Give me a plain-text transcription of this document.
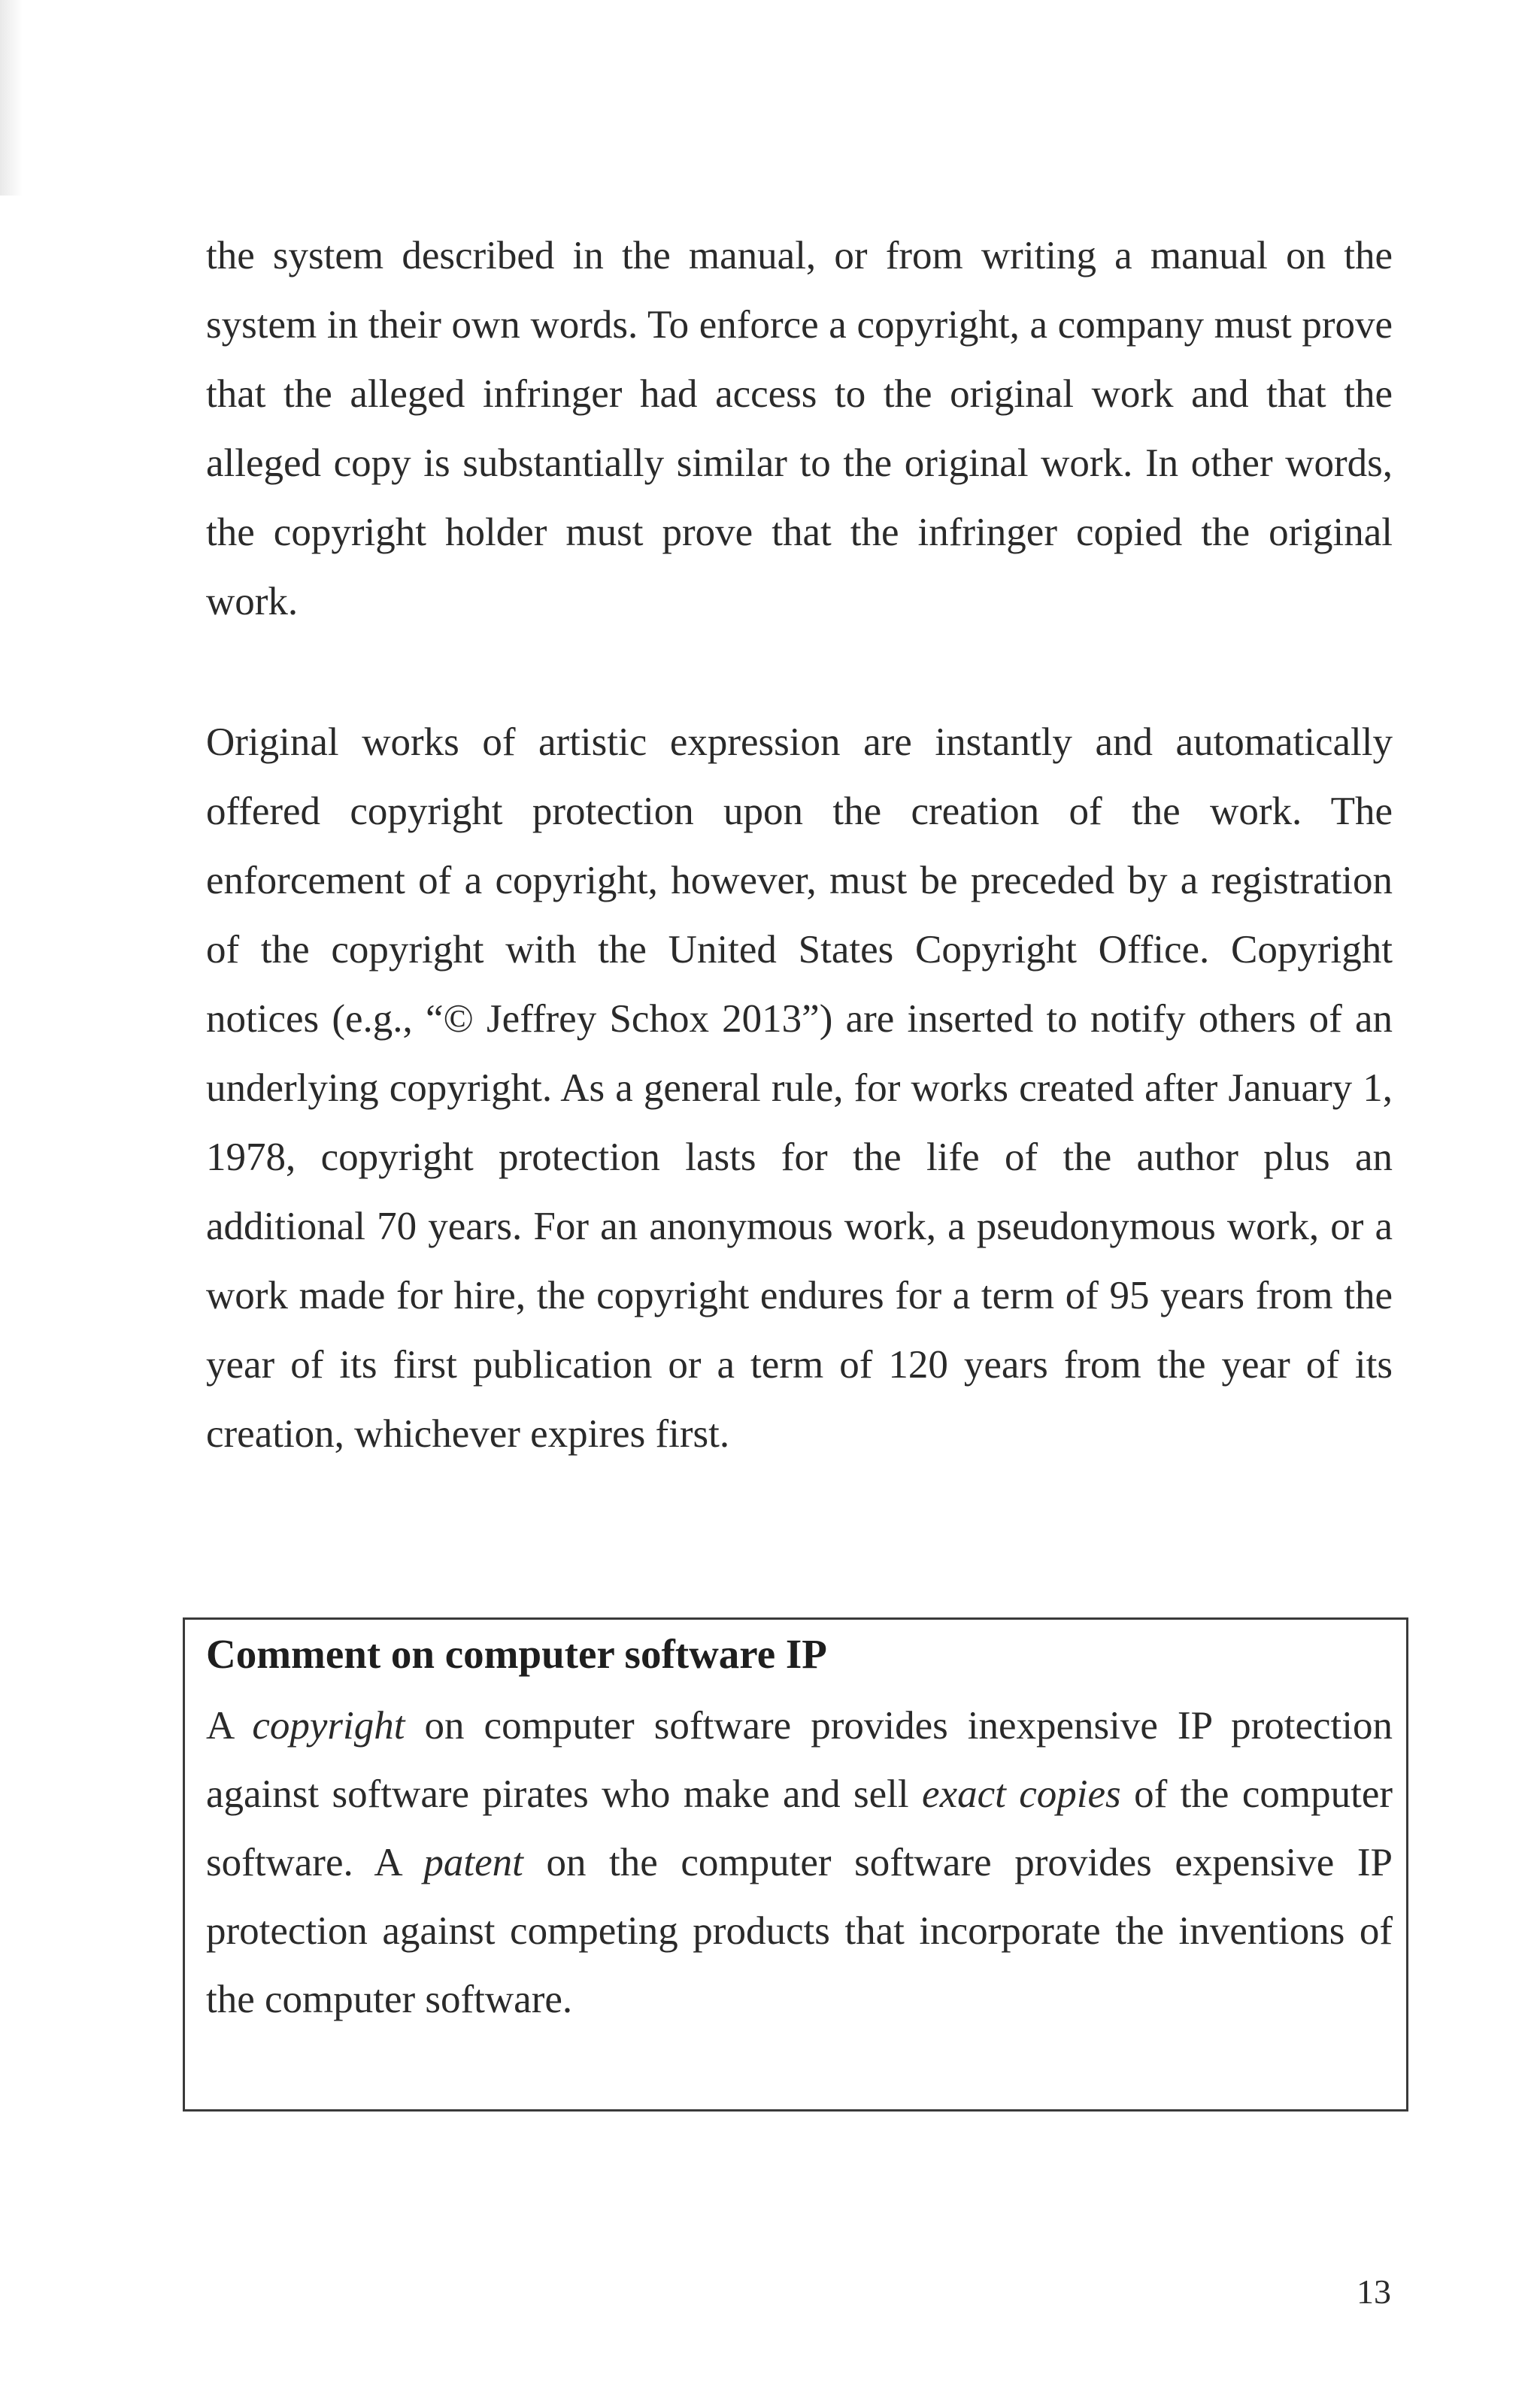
the system described in the manual, or from writing a manual on the system in their own words. To enforce a copyright, a company must prove that the alleged infringer had access to the original work and that the alleged copy is substantially similar to the original work. In other words, the copyright holder must prove that the infringer copied the original work.

Original works of artistic expression are instantly and automatically offered copyright protection upon the creation of the work. The enforcement of a copyright, however, must be preceded by a registration of the copyright with the United States Copyright Office. Copyright notices (e.g., “© Jeffrey Schox 2013”) are inserted to notify others of an underlying copyright. As a general rule, for works created after January 1, 1978, copyright protection lasts for the life of the author plus an additional 70 years. For an anonymous work, a pseudonymous work, or a work made for hire, the copyright endures for a term of 95 years from the year of its first publication or a term of 120 years from the year of its creation, whichever expires first.

Comment on computer software IP

A copyright on computer software provides inexpensive IP protection against software pirates who make and sell exact copies of the computer software. A patent on the computer software provides expensive IP protection against competing products that incorporate the inventions of the computer software.

13
